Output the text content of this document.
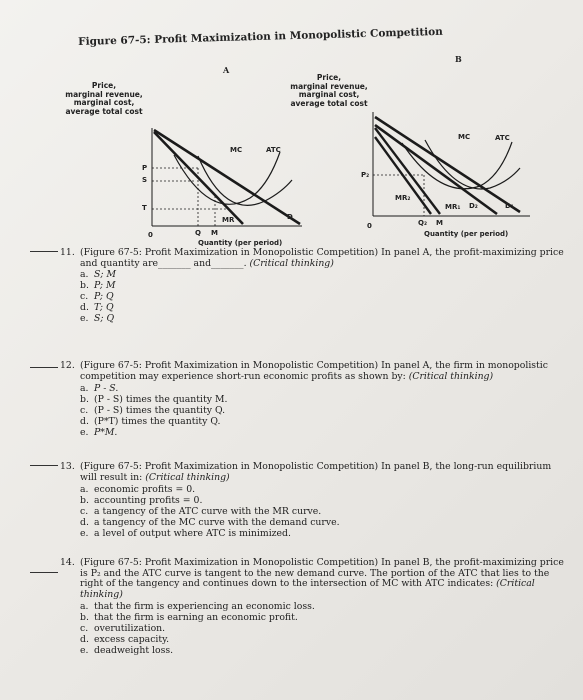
Figure 67-5: Profit Maximization in Monopolistic Competition
A
B
Price,
marginal revenue,
marginal cost,
average total cost
Price,
marginal revenue,
marginal cost,
average total cost
MC	ATC
MR	D
P
S
T
Q M
0
Quantity (per period)
MC	ATC
P₂
MR₂
MR₁ D₂	D₁
Q₂ M
0
Quantity (per period)
11. (Figure 67-5: Profit Maximization in Monopolistic Competition) In panel A, the profit-maximizing price and quantity are_______ and_______. (Critical thinking)
a. S; M
b. P; M
c. P; Q
d. T; Q
e. S; Q
12. (Figure 67-5: Profit Maximization in Monopolistic Competition) In panel A, the firm in monopolistic competition may experience short-run economic profits as shown by: (Critical thinking)
a. P - S.
b. (P - S) times the quantity M.
c. (P - S) times the quantity Q.
d. (P*T) times the quantity Q.
e. P*M.
13. (Figure 67-5: Profit Maximization in Monopolistic Competition) In panel B, the long-run equilibrium will result in: (Critical thinking)
a. economic profits = 0.
b. accounting profits = 0.
c. a tangency of the ATC curve with the MR curve.
d. a tangency of the MC curve with the demand curve.
e. a level of output where ATC is minimized.
14. (Figure 67-5: Profit Maximization in Monopolistic Competition) In panel B, the profit-maximizing price is P₂ and the ATC curve is tangent to the new demand curve. The portion of the ATC that lies to the right of the tangency and continues down to the intersection of MC with ATC indicates: (Critical thinking)
a. that the firm is experiencing an economic loss.
b. that the firm is earning an economic profit.
c. overutilization.
d. excess capacity.
e. deadweight loss.
